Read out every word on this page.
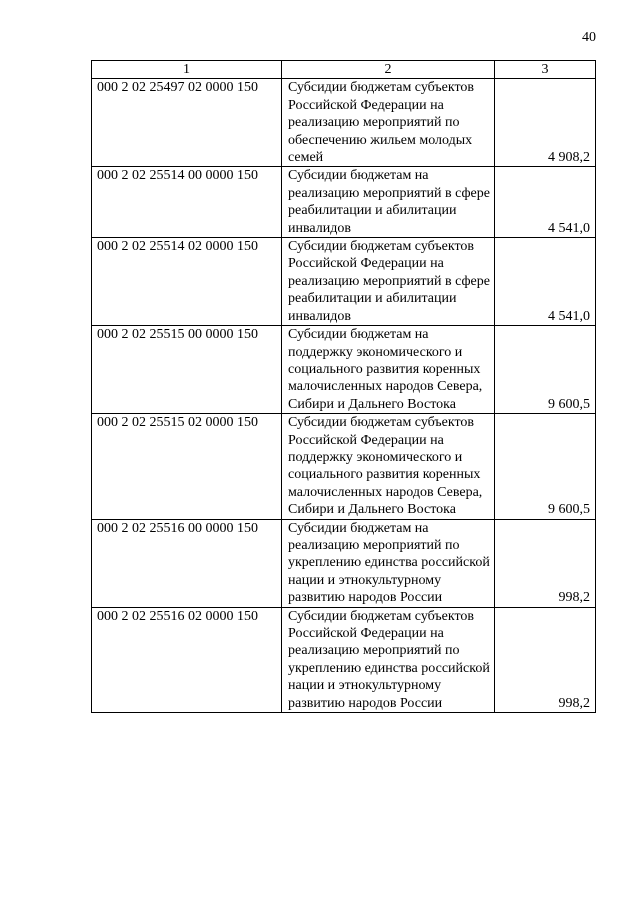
40
1	2	3
000 2 02 25497 02 0000 150	Субсидии бюджетам субъектов Российской Федерации на реализацию мероприятий по обеспечению жильем молодых семей	4 908,2
000 2 02 25514 00 0000 150	Субсидии бюджетам на реализацию мероприятий в сфере реабилитации и абилитации инвалидов	4 541,0
000 2 02 25514 02 0000 150	Субсидии бюджетам субъектов Российской Федерации на реализацию мероприятий в сфере реабилитации и абилитации инвалидов	4 541,0
000 2 02 25515 00 0000 150	Субсидии бюджетам на поддержку экономического и социального развития коренных малочисленных народов Севера, Сибири и Дальнего Востока	9 600,5
000 2 02 25515 02 0000 150	Субсидии бюджетам субъектов Российской Федерации на поддержку экономического и социального развития коренных малочисленных народов Севера, Сибири и Дальнего Востока	9 600,5
000 2 02 25516 00 0000 150	Субсидии бюджетам на реализацию мероприятий по укреплению единства российской нации и этнокультурному развитию народов России	998,2
000 2 02 25516 02 0000 150	Субсидии бюджетам субъектов Российской Федерации на реализацию мероприятий по укреплению единства российской нации и этнокультурному развитию народов России	998,2
